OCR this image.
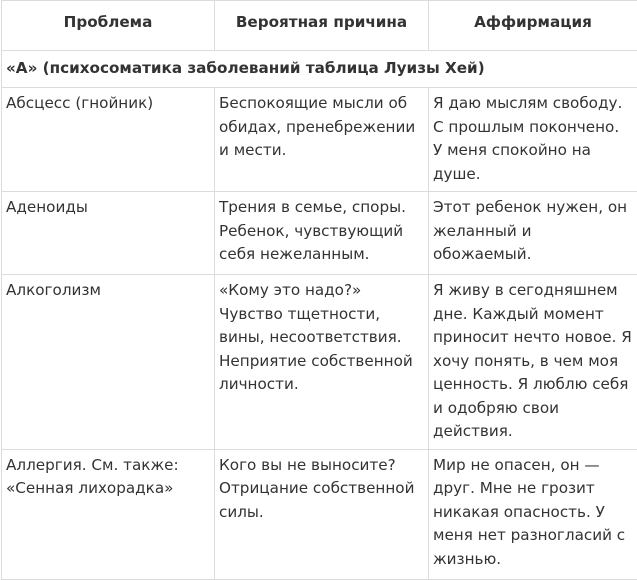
Проблема	Вероятная причина	Аффирмация
«А» (психосоматика заболеваний таблица Луизы Хей)		
Абсцесс (гнойник)	Беспокоящие мысли об обидах, пренебрежении и мести.	Я даю мыслям свободу. С прошлым покончено. У меня спокойно на душе.
Аденоиды	Трения в семье, споры. Ребенок, чувствующий себя нежеланным.	Этот ребенок нужен, он желанный и обожаемый.
Алкоголизм	«Кому это надо?» Чувство тщетности, вины, несоответствия. Неприятие собственной личности.	Я живу в сегодняшнем дне. Каждый момент приносит нечто новое. Я хочу понять, в чем моя ценность. Я люблю себя и одобряю свои действия.
Аллергия. См. также: «Сенная лихорадка»	Кого вы не выносите? Отрицание собственной силы.	Мир не опасен, он — друг. Мне не грозит никакая опасность. У меня нет разногласий с жизнью.
